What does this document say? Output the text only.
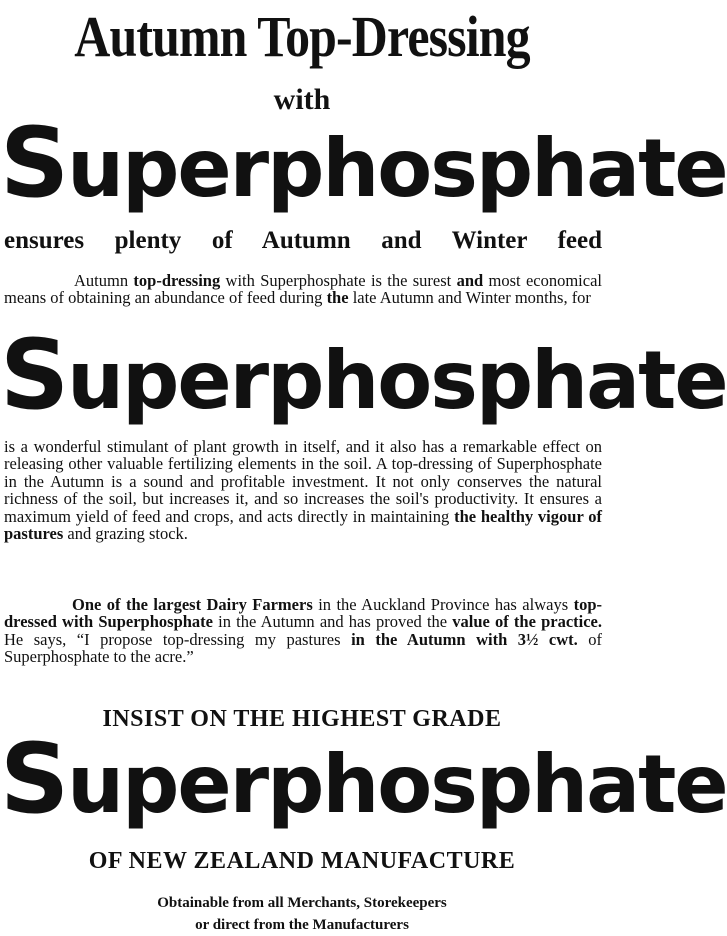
Autumn Top-Dressing
with
Superphosphate
ensures plenty of Autumn and Winter feed
Autumn top-dressing with Superphosphate is the surest and most economical means of obtaining an abundance of feed during the late Autumn and Winter months, for
Superphosphate
is a wonderful stimulant of plant growth in itself, and it also has a remarkable effect on releasing other valuable fertilizing elements in the soil. A top-dressing of Superphosphate in the Autumn is a sound and profitable investment. It not only conserves the natural richness of the soil, but increases it, and so increases the soil's productivity. It ensures a maximum yield of feed and crops, and acts directly in maintaining the healthy vigour of pastures and grazing stock.
One of the largest Dairy Farmers in the Auckland Province has always top-dressed with Superphosphate in the Autumn and has proved the value of the practice. He says, “I propose top-dressing my pastures in the Autumn with 3½ cwt. of Superphosphate to the acre.”
INSIST ON THE HIGHEST GRADE
Superphosphate
OF NEW ZEALAND MANUFACTURE
Obtainable from all Merchants, Storekeepers
or direct from the Manufacturers
